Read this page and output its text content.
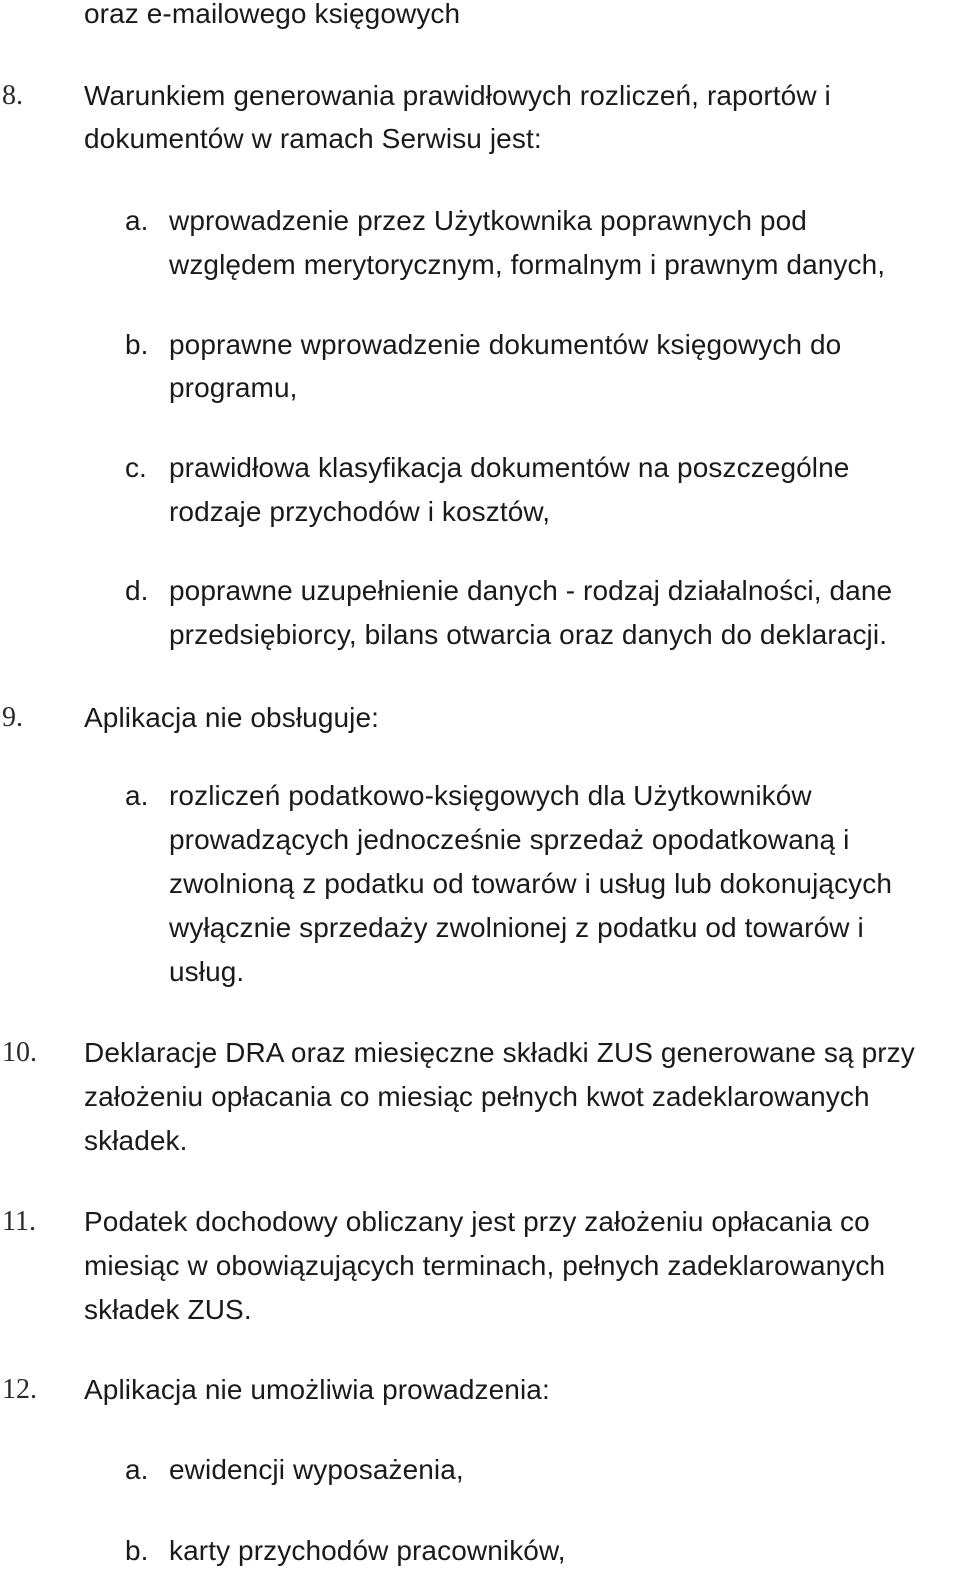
oraz e-mailowego księgowych
8. Warunkiem generowania prawidłowych rozliczeń, raportów i
dokumentów w ramach Serwisu jest:
a. wprowadzenie przez Użytkownika poprawnych pod
względem merytorycznym, formalnym i prawnym danych,
b. poprawne wprowadzenie dokumentów księgowych do
programu,
c. prawidłowa klasyfikacja dokumentów na poszczególne
rodzaje przychodów i kosztów,
d. poprawne uzupełnienie danych - rodzaj działalności, dane
przedsiębiorcy, bilans otwarcia oraz danych do deklaracji.
9. Aplikacja nie obsługuje:
a. rozliczeń podatkowo-księgowych dla Użytkowników
prowadzących jednocześnie sprzedaż opodatkowaną i
zwolnioną z podatku od towarów i usług lub dokonujących
wyłącznie sprzedaży zwolnionej z podatku od towarów i
usług.
10. Deklaracje DRA oraz miesięczne składki ZUS generowane są przy
założeniu opłacania co miesiąc pełnych kwot zadeklarowanych
składek.
11. Podatek dochodowy obliczany jest przy założeniu opłacania co
miesiąc w obowiązujących terminach, pełnych zadeklarowanych
składek ZUS.
12. Aplikacja nie umożliwia prowadzenia:
a. ewidencji wyposażenia,
b. karty przychodów pracowników,
